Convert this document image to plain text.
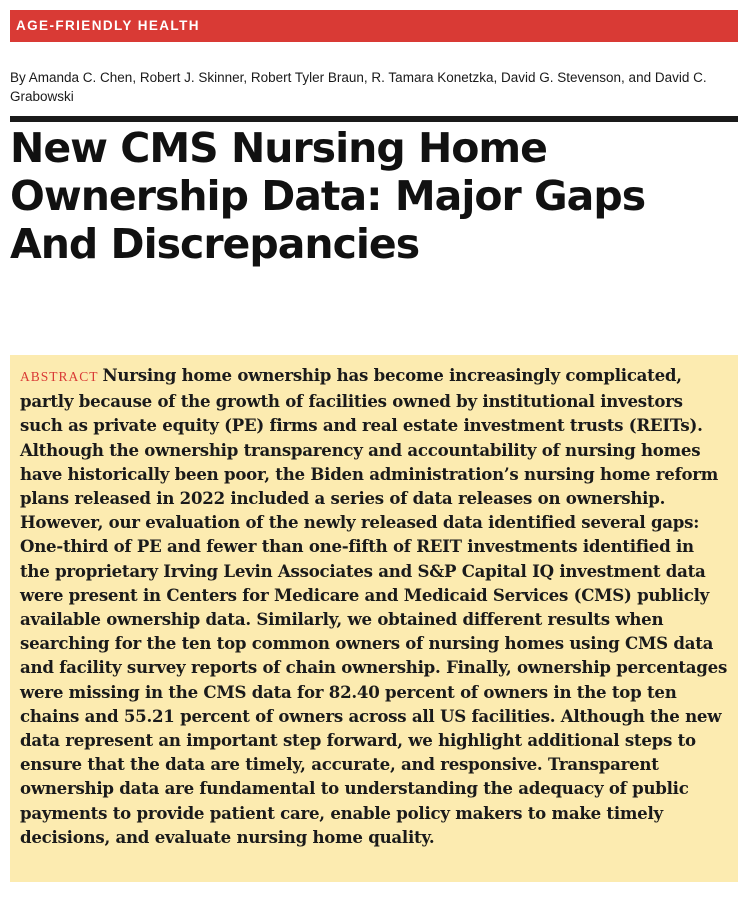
AGE-FRIENDLY HEALTH
By Amanda C. Chen, Robert J. Skinner, Robert Tyler Braun, R. Tamara Konetzka, David G. Stevenson, and David C. Grabowski
New CMS Nursing Home Ownership Data: Major Gaps And Discrepancies

ABSTRACT Nursing home ownership has become increasingly complicated, partly because of the growth of facilities owned by institutional investors such as private equity (PE) firms and real estate investment trusts (REITs). Although the ownership transparency and accountability of nursing homes have historically been poor, the Biden administration’s nursing home reform plans released in 2022 included a series of data releases on ownership. However, our evaluation of the newly released data identified several gaps: One-third of PE and fewer than one-fifth of REIT investments identified in the proprietary Irving Levin Associates and S&P Capital IQ investment data were present in Centers for Medicare and Medicaid Services (CMS) publicly available ownership data. Similarly, we obtained different results when searching for the ten top common owners of nursing homes using CMS data and facility survey reports of chain ownership. Finally, ownership percentages were missing in the CMS data for 82.40 percent of owners in the top ten chains and 55.21 percent of owners across all US facilities. Although the new data represent an important step forward, we highlight additional steps to ensure that the data are timely, accurate, and responsive. Transparent ownership data are fundamental to understanding the adequacy of public payments to provide patient care, enable policy makers to make timely decisions, and evaluate nursing home quality.
